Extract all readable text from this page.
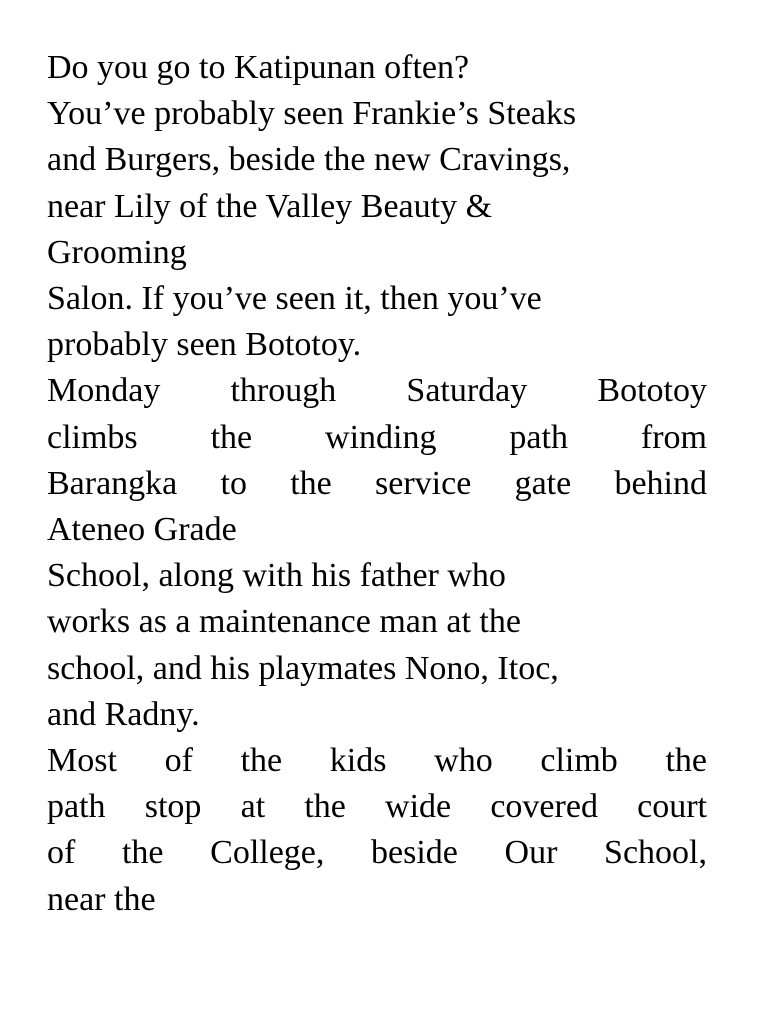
Do you go to Katipunan often?
You’ve probably seen Frankie’s Steaks
and Burgers, beside the new Cravings,
near Lily of the Valley Beauty &
Grooming
Salon. If you’ve seen it, then you’ve
probably seen Bototoy.
Monday through Saturday Bototoy
climbs the winding path from
Barangka to the service gate behind
Ateneo Grade
School, along with his father who
works as a maintenance man at the
school, and his playmates Nono, Itoc,
and Radny.
Most of the kids who climb the
path stop at the wide covered court
of the College, beside Our School,
near the
